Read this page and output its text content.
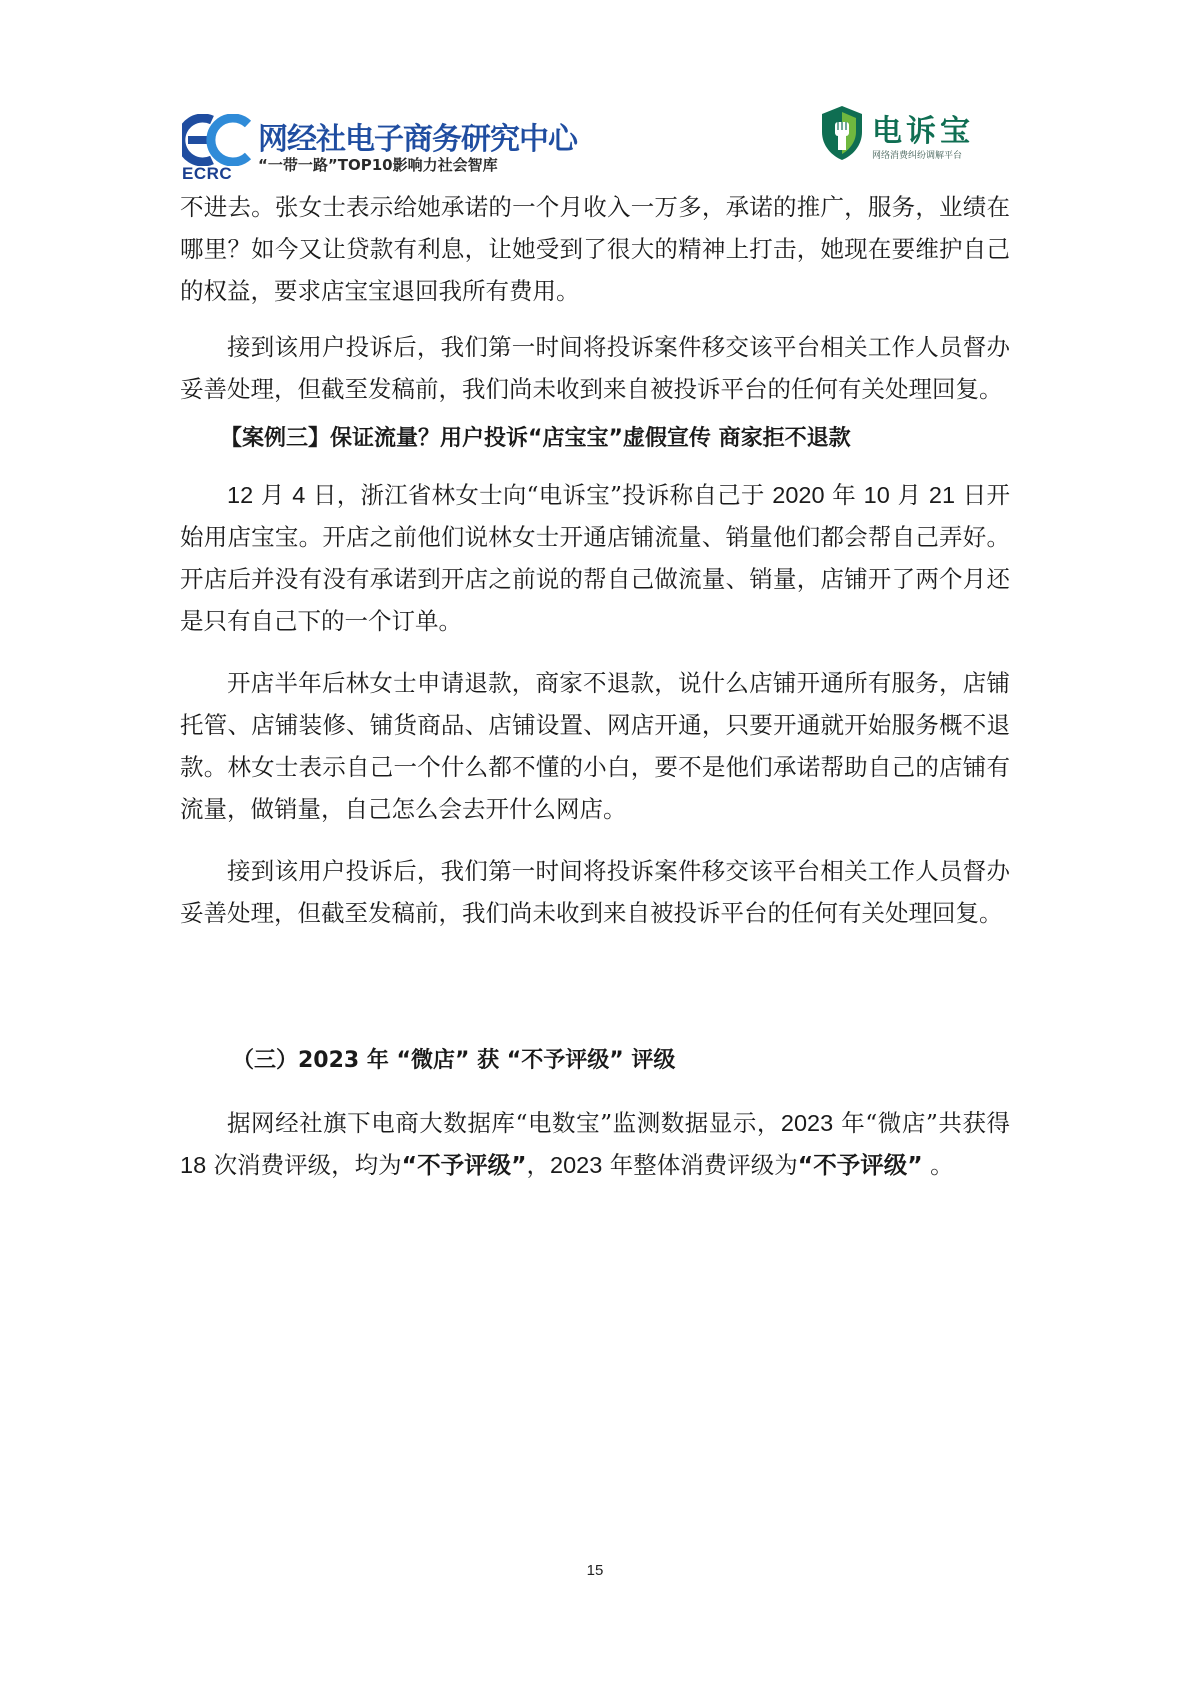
ECRC
网经社电子商务研究中心
“一带一路”TOP10影响力社会智库
电诉宝
网络消费纠纷调解平台

不进去。张女士表示给她承诺的一个月收入一万多，承诺的推广，服务，业绩在哪里？如今又让贷款有利息，让她受到了很大的精神上打击，她现在要维护自己的权益，要求店宝宝退回我所有费用。

接到该用户投诉后，我们第一时间将投诉案件移交该平台相关工作人员督办妥善处理，但截至发稿前，我们尚未收到来自被投诉平台的任何有关处理回复。

【案例三】保证流量？用户投诉“店宝宝”虚假宣传 商家拒不退款

12 月 4 日，浙江省林女士向“电诉宝”投诉称自己于 2020 年 10 月 21 日开始用店宝宝。开店之前他们说林女士开通店铺流量、销量他们都会帮自己弄好。开店后并没有没有承诺到开店之前说的帮自己做流量、销量，店铺开了两个月还是只有自己下的一个订单。

开店半年后林女士申请退款，商家不退款，说什么店铺开通所有服务，店铺托管、店铺装修、铺货商品、店铺设置、网店开通，只要开通就开始服务概不退款。林女士表示自己一个什么都不懂的小白，要不是他们承诺帮助自己的店铺有流量，做销量，自己怎么会去开什么网店。

接到该用户投诉后，我们第一时间将投诉案件移交该平台相关工作人员督办妥善处理，但截至发稿前，我们尚未收到来自被投诉平台的任何有关处理回复。

（三）2023 年 “微店” 获 “不予评级” 评级

据网经社旗下电商大数据库“电数宝”监测数据显示，2023 年“微店”共获得 18 次消费评级，均为“不予评级”，2023 年整体消费评级为“不予评级” 。

15
